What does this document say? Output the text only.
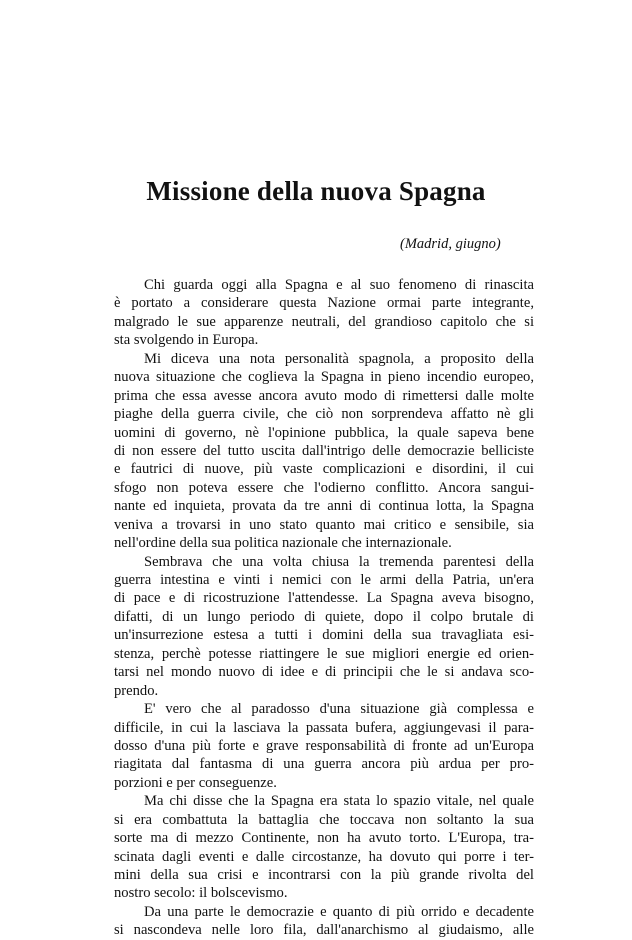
Missione della nuova Spagna
(Madrid, giugno)
Chi guarda oggi alla Spagna e al suo fenomeno di rinascita
è portato a considerare questa Nazione ormai parte integrante,
malgrado le sue apparenze neutrali, del grandioso capitolo che si
sta svolgendo in Europa.
Mi diceva una nota personalità spagnola, a proposito della
nuova situazione che coglieva la Spagna in pieno incendio europeo,
prima che essa avesse ancora avuto modo di rimettersi dalle molte
piaghe della guerra civile, che ciò non sorprendeva affatto nè gli
uomini di governo, nè l'opinione pubblica, la quale sapeva bene
di non essere del tutto uscita dall'intrigo delle democrazie belliciste
e fautrici di nuove, più vaste complicazioni e disordini, il cui
sfogo non poteva essere che l'odierno conflitto. Ancora sangui-
nante ed inquieta, provata da tre anni di continua lotta, la Spagna
veniva a trovarsi in uno stato quanto mai critico e sensibile, sia
nell'ordine della sua politica nazionale che internazionale.
Sembrava che una volta chiusa la tremenda parentesi della
guerra intestina e vinti i nemici con le armi della Patria, un'era
di pace e di ricostruzione l'attendesse. La Spagna aveva bisogno,
difatti, di un lungo periodo di quiete, dopo il colpo brutale di
un'insurrezione estesa a tutti i domini della sua travagliata esi-
stenza, perchè potesse riattingere le sue migliori energie ed orien-
tarsi nel mondo nuovo di idee e di principii che le si andava sco-
prendo.
E' vero che al paradosso d'una situazione già complessa e
difficile, in cui la lasciava la passata bufera, aggiungevasi il para-
dosso d'una più forte e grave responsabilità di fronte ad un'Europa
riagitata dal fantasma di una guerra ancora più ardua per pro-
porzioni e per conseguenze.
Ma chi disse che la Spagna era stata lo spazio vitale, nel quale
si era combattuta la battaglia che toccava non soltanto la sua
sorte ma di mezzo Continente, non ha avuto torto. L'Europa, tra-
scinata dagli eventi e dalle circostanze, ha dovuto qui porre i ter-
mini della sua crisi e incontrarsi con la più grande rivolta del
nostro secolo: il bolscevismo.
Da una parte le democrazie e quanto di più orrido e decadente
si nascondeva nelle loro fila, dall'anarchismo al giudaismo, alle
